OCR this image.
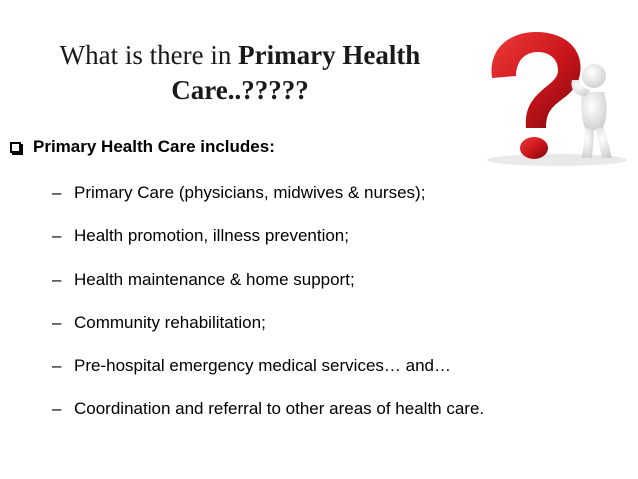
What is there in Primary Health
Care..?????
Primary Health Care includes:
– Primary Care (physicians, midwives & nurses);
– Health promotion, illness prevention;
– Health maintenance & home support;
– Community rehabilitation;
– Pre-hospital emergency medical services… and…
– Coordination and referral to other areas of health care.
